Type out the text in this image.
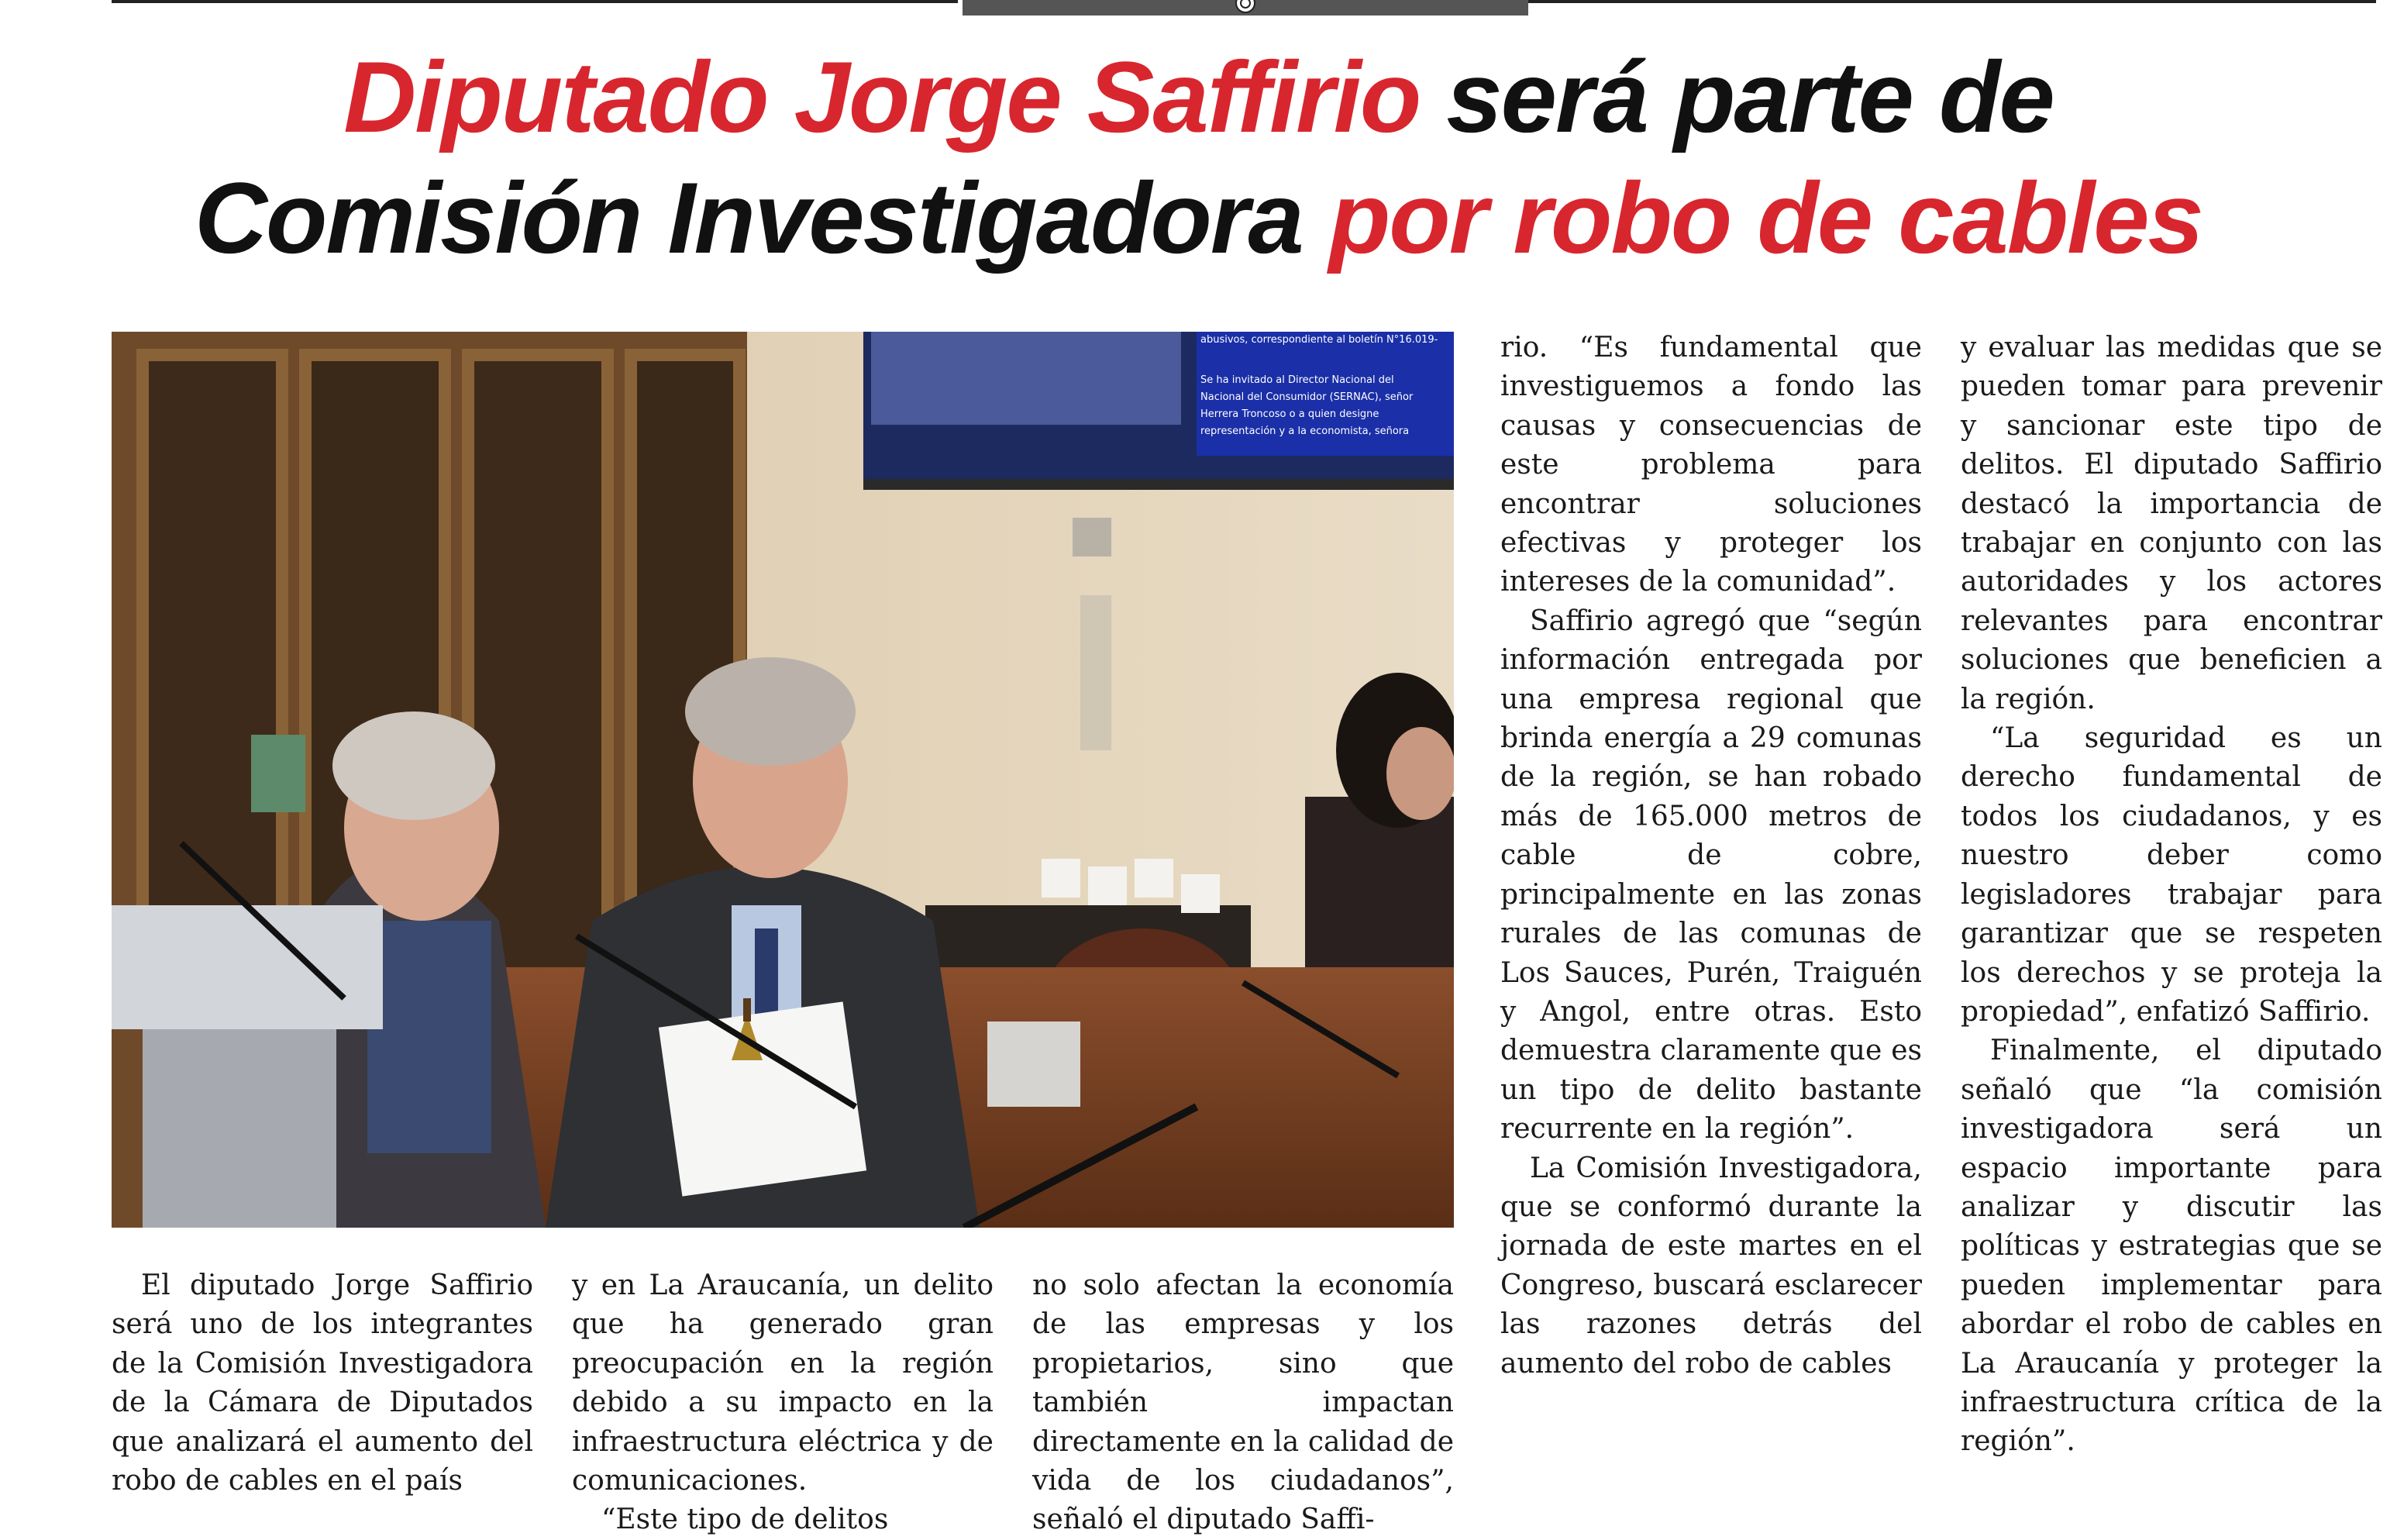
Diputado Jorge Saffirio será parte de
Comisión Investigadora por robo de cables
abusivos, correspondiente al boletín N°16.019-
Se ha invitado al Director Nacional del
Nacional del Consumidor (SERNAC), señor
Herrera Troncoso o a quien designe
representación y a la economista, señora

El diputado Jorge Saffirio será uno de los integrantes de la Comisión Investigadora de la Cámara de Diputados que analizará el aumento del robo de cables en el país

y en La Araucanía, un delito que ha generado gran preocupación en la región debido a su impacto en la infraestructura eléctrica y de comunicaciones.

“Este tipo de delitos

no solo afectan la economía de las empresas y los propietarios, sino que también impactan directamente en la calidad de vida de los ciudadanos”, señaló el diputado Saffi-

rio. “Es fundamental que investiguemos a fondo las causas y consecuencias de este problema para encontrar soluciones efectivas y proteger los intereses de la comunidad”.

Saffirio agregó que “según información entregada por una empresa regional que brinda energía a 29 comunas de la región, se han robado más de 165.000 metros de cable de cobre, principalmente en las zonas rurales de las comunas de Los Sauces, Purén, Traiguén y Angol, entre otras. Esto demuestra claramente que es un tipo de delito bastante recurrente en la región”.

La Comisión Investigadora, que se conformó durante la jornada de este martes en el Congreso, buscará esclarecer las razones detrás del aumento del robo de cables

y evaluar las medidas que se pueden tomar para prevenir y sancionar este tipo de delitos. El diputado Saffirio destacó la importancia de trabajar en conjunto con las autoridades y los actores relevantes para encontrar soluciones que beneficien a la región.

“La seguridad es un derecho fundamental de todos los ciudadanos, y es nuestro deber como legisladores trabajar para garantizar que se respeten los derechos y se proteja la propiedad”, enfatizó Saffirio.

Finalmente, el diputado señaló que “la comisión investigadora será un espacio importante para analizar y discutir las políticas y estrategias que se pueden implementar para abordar el robo de cables en La Araucanía y proteger la infraestructura crítica de la región”.
